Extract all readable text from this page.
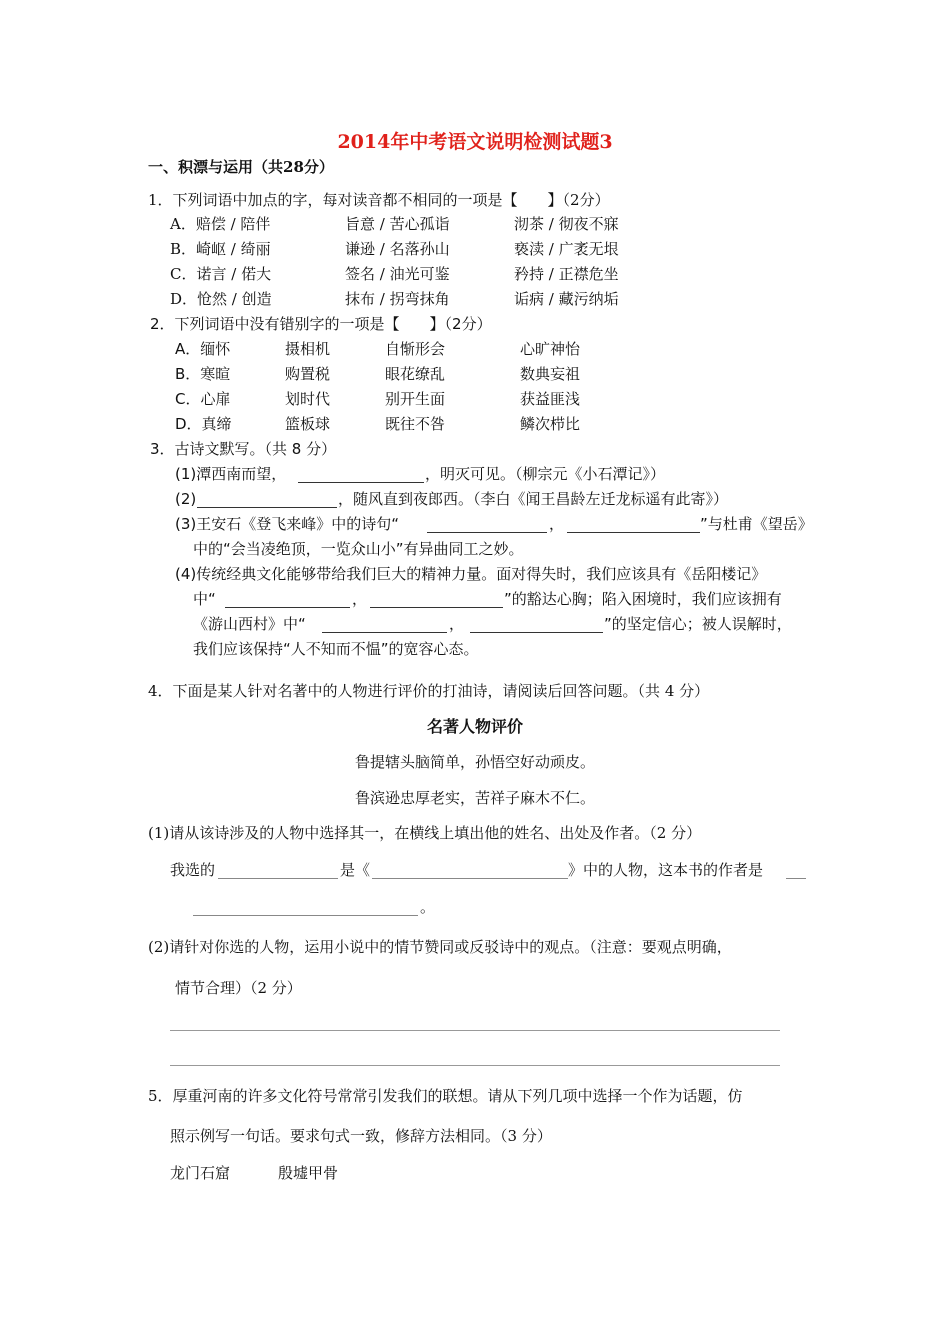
2014年中考语文说明检测试题3
一、积漂与运用（共28分）
1．下列词语中加点的字，每对读音都不相同的一项是【　　】（2分）
A．赔偿 / 陪伴	旨意 / 苦心孤诣	沏茶 / 彻夜不寐
B．崎岖 / 绮丽	谦逊 / 名落孙山	亵渎 / 广袤无垠
C．诺言 / 偌大	签名 / 油光可鉴	矜持 / 正襟危坐
D．怆然 / 创造	抹布 / 拐弯抹角	诟病 / 藏污纳垢
2．下列词语中没有错别字的一项是【　　】（2分）
A．缅怀	摄相机	自惭形会	心旷神怡
B．寒暄	购置税	眼花缭乱	数典妄祖
C．心扉	划时代	别开生面	获益匪浅
D．真缔	篮板球	既往不咎	鳞次栉比
3．古诗文默写。（共 8 分）
(1)潭西南而望，	，明灭可见。（柳宗元《小石潭记》）
(2)	，随风直到夜郎西。（李白《闻王昌龄左迁龙标遥有此寄》）
(3)王安石《登飞来峰》中的诗句“	，	”与杜甫《望岳》
中的“会当凌绝顶，一览众山小”有异曲同工之妙。
(4)传统经典文化能够带给我们巨大的精神力量。面对得失时，我们应该具有《岳阳楼记》
中“	，	”的豁达心胸；陷入困境时，我们应该拥有
《游山西村》中“	，	”的坚定信心；被人误解时，
我们应该保持“人不知而不愠”的宽容心态。
4．下面是某人针对名著中的人物进行评价的打油诗，请阅读后回答问题。（共 4 分）
名著人物评价
鲁提辖头脑简单，孙悟空好动顽皮。
鲁滨逊忠厚老实，苦祥子麻木不仁。
(1)请从该诗涉及的人物中选择其一，在横线上填出他的姓名、出处及作者。（2 分）
我选的	是《	》中的人物，这本书的作者是
。
(2)请针对你选的人物，运用小说中的情节赞同或反驳诗中的观点。（注意：要观点明确，
情节合理）（2 分）
5．厚重河南的许多文化符号常常引发我们的联想。请从下列几项中选择一个作为话题，仿
照示例写一句话。要求句式一致，修辞方法相同。（3 分）
龙门石窟	殷墟甲骨
